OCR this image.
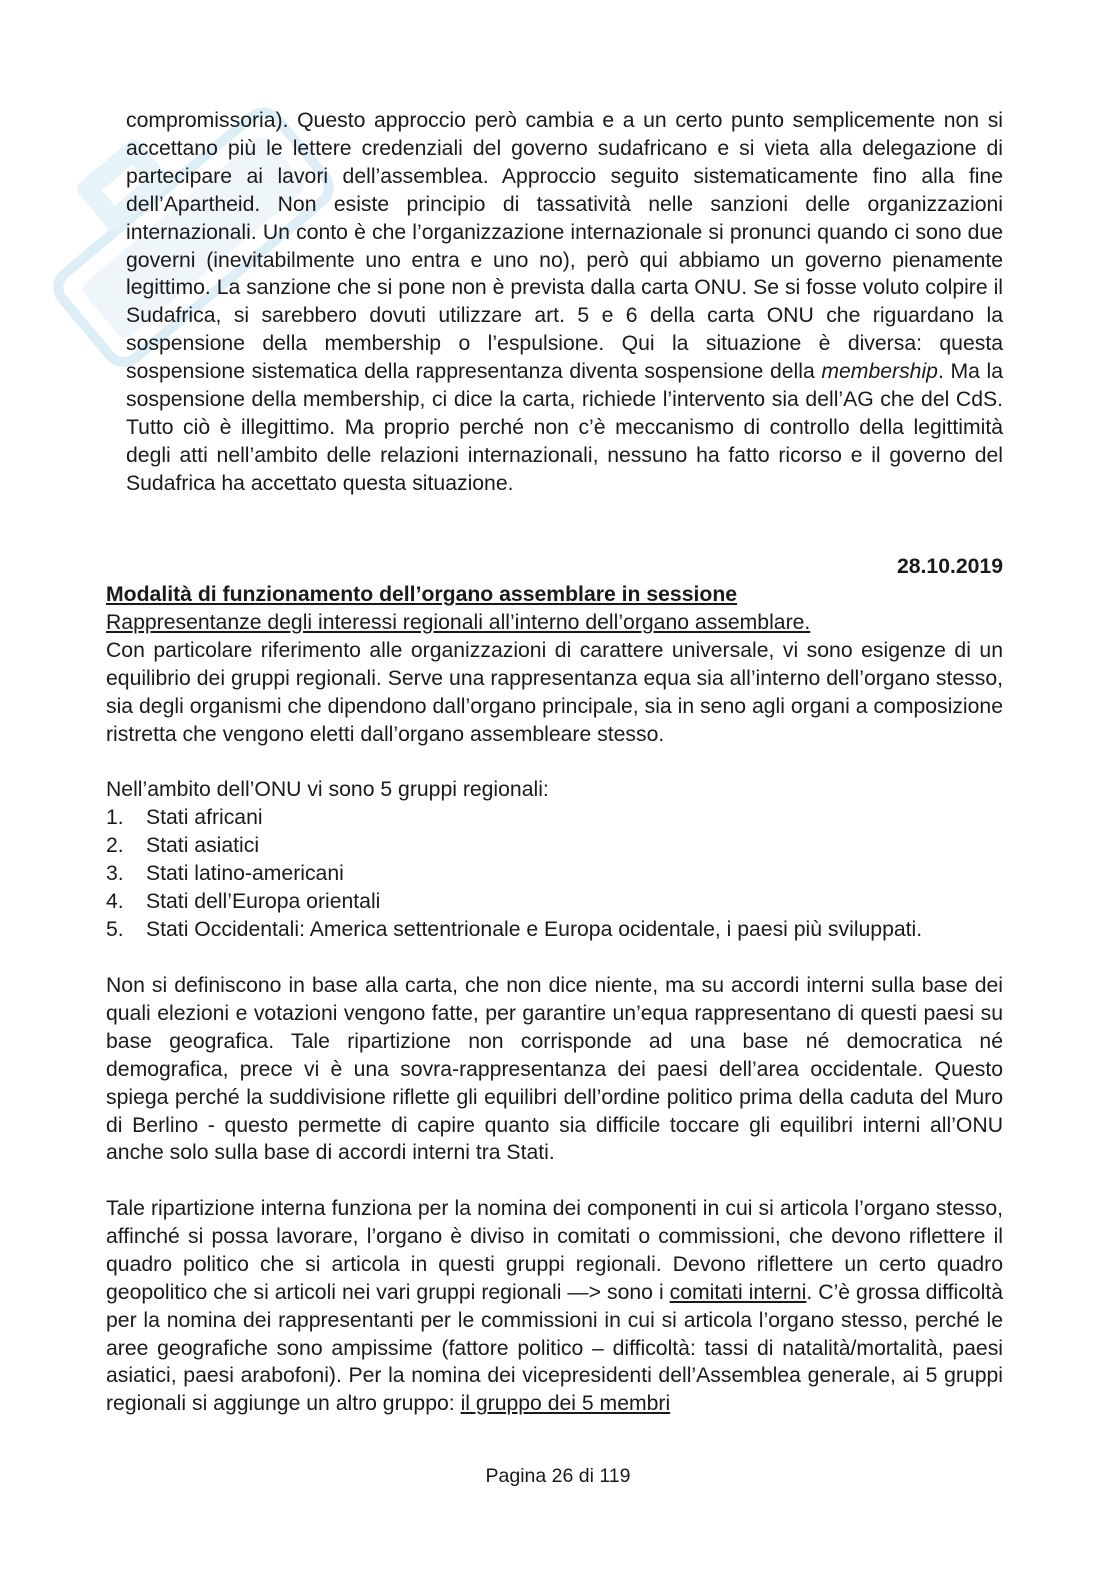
compromissoria). Questo approccio però cambia e a un certo punto semplicemente non si accettano più le lettere credenziali del governo sudafricano e si vieta alla delegazione di partecipare ai lavori dell’assemblea. Approccio seguito sistematicamente fino alla fine dell’Apartheid. Non esiste principio di tassatività nelle sanzioni delle organizzazioni internazionali. Un conto è che l’organizzazione internazionale si pronunci quando ci sono due governi (inevitabilmente uno entra e uno no), però qui abbiamo un governo pienamente legittimo. La sanzione che si pone non è prevista dalla carta ONU. Se si fosse voluto colpire il Sudafrica, si sarebbero dovuti utilizzare art. 5 e 6 della carta ONU che riguardano la sospensione della membership o l’espulsione. Qui la situazione è diversa: questa sospensione sistematica della rappresentanza diventa sospensione della membership. Ma la sospensione della membership, ci dice la carta, richiede l’intervento sia dell’AG che del CdS. Tutto ciò è illegittimo. Ma proprio perché non c’è meccanismo di controllo della legittimità degli atti nell’ambito delle relazioni internazionali, nessuno ha fatto ricorso e il governo del Sudafrica ha accettato questa situazione.

28.10.2019

Modalità di funzionamento dell’organo assemblare in sessione

Rappresentanze degli interessi regionali all’interno dell’organo assemblare.

Con particolare riferimento alle organizzazioni di carattere universale, vi sono esigenze di un equilibrio dei gruppi regionali. Serve una rappresentanza equa sia all’interno dell’organo stesso, sia degli organismi che dipendono dall’organo principale, sia in seno agli organi a composizione ristretta che vengono eletti dall’organo assembleare stesso.

Nell’ambito dell’ONU vi sono 5 gruppi regionali:

1. Stati africani
2. Stati asiatici
3. Stati latino-americani
4. Stati dell’Europa orientali
5. Stati Occidentali: America settentrionale e Europa ocidentale, i paesi più sviluppati.

Non si definiscono in base alla carta, che non dice niente, ma su accordi interni sulla base dei quali elezioni e votazioni vengono fatte, per garantire un’equa rappresentano di questi paesi su base geografica. Tale ripartizione non corrisponde ad una base né democratica né demografica, prece vi è una sovra-rappresentanza dei paesi dell’area occidentale. Questo spiega perché la suddivisione riflette gli equilibri dell’ordine politico prima della caduta del Muro di Berlino - questo permette di capire quanto sia difficile toccare gli equilibri interni all’ONU anche solo sulla base di accordi interni tra Stati.

Tale ripartizione interna funziona per la nomina dei componenti in cui si articola l’organo stesso, affinché si possa lavorare, l’organo è diviso in comitati o commissioni, che devono riflettere il quadro politico che si articola in questi gruppi regionali. Devono riflettere un certo quadro geopolitico che si articoli nei vari gruppi regionali —> sono i comitati interni. C’è grossa difficoltà per la nomina dei rappresentanti per le commissioni in cui si articola l’organo stesso, perché le aree geografiche sono ampissime (fattore politico – difficoltà: tassi di natalità/mortalità, paesi asiatici, paesi arabofoni). Per la nomina dei vicepresidenti dell’Assemblea generale, ai 5 gruppi regionali si aggiunge un altro gruppo: il gruppo dei 5 membri

Pagina 26 di 119
